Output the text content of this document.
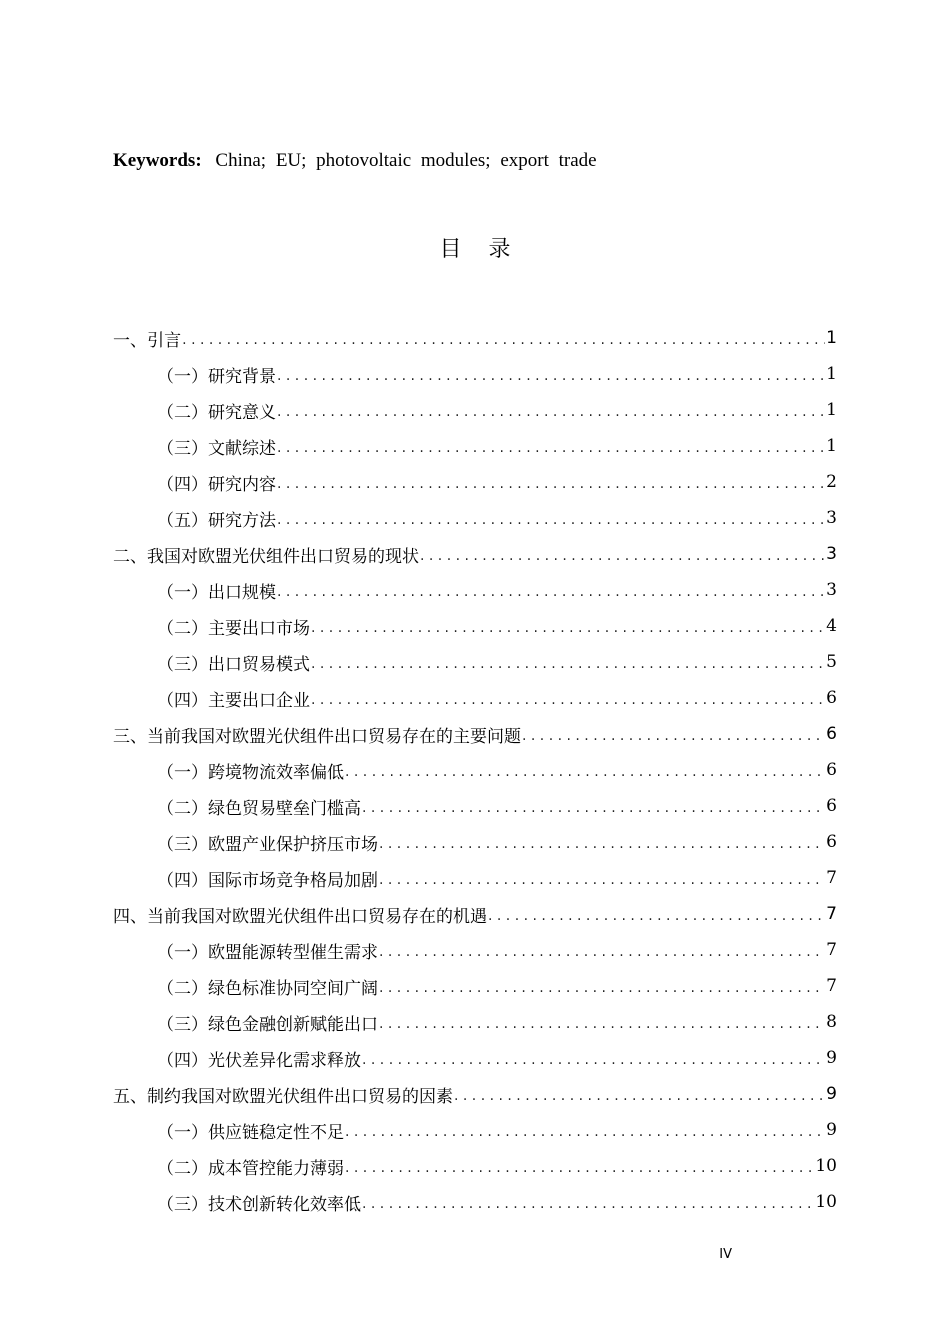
Keywords: China; EU; photovoltaic modules; export trade
目 录
一、 引言 . . .	1
（一） 研究背景 . . .	1
（二） 研究意义 . . .	1
（三） 文献综述 . . .	1
（四） 研究内容 . . .	2
（五） 研究方法 . . .	3
二、 我国对欧盟光伏组件出口贸易的现状 . . .	3
（一） 出口规模 . . .	3
（二） 主要出口市场 . . .	4
（三） 出口贸易模式 . . .	5
（四） 主要出口企业 . . .	6
三、 当前我国对欧盟光伏组件出口贸易存在的主要问题 . . .	6
（一） 跨境物流效率偏低 . . .	6
（二） 绿色贸易壁垒门槛高 . . .	6
（三） 欧盟产业保护挤压市场 . . .	6
（四） 国际市场竞争格局加剧 . . .	7
四、 当前我国对欧盟光伏组件出口贸易存在的机遇 . . .	7
（一） 欧盟能源转型催生需求 . . .	7
（二） 绿色标准协同空间广阔 . . .	7
（三） 绿色金融创新赋能出口 . . .	8
（四） 光伏差异化需求释放 . . .	9
五、 制约我国对欧盟光伏组件出口贸易的因素 . . .	9
（一） 供应链稳定性不足 . . .	9
（二） 成本管控能力薄弱 . . .	10
（三） 技术创新转化效率低 . . .	10
IV
